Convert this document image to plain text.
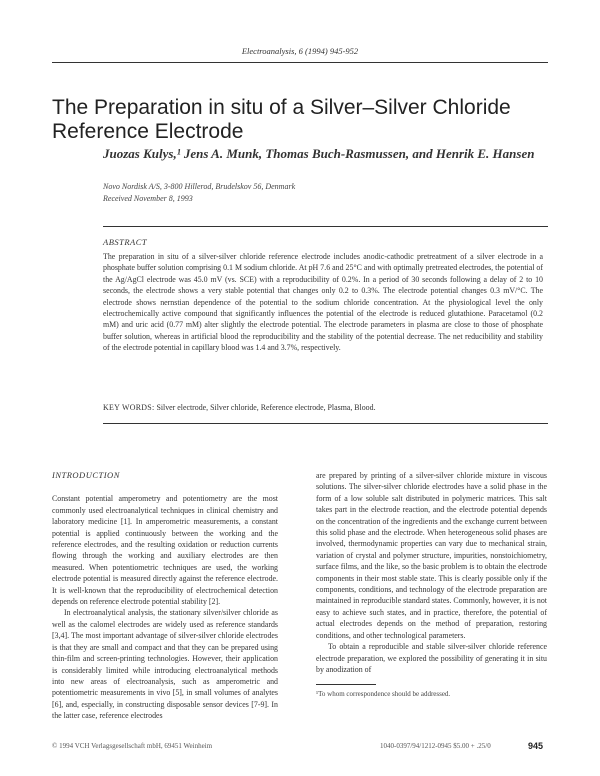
Electroanalysis, 6 (1994) 945-952
The Preparation in situ of a Silver–Silver Chloride Reference Electrode
Juozas Kulys,¹ Jens A. Munk, Thomas Buch-Rasmussen, and Henrik E. Hansen
Novo Nordisk A/S, 3-800 Hillerod, Brudelskov 56, Denmark
Received November 8, 1993
ABSTRACT
The preparation in situ of a silver-silver chloride reference electrode includes anodic-cathodic pretreatment of a silver electrode in a phosphate buffer solution comprising 0.1 M sodium chloride. At pH 7.6 and 25°C and with optimally pretreated electrodes, the potential of the Ag/AgCl electrode was 45.0 mV (vs. SCE) with a reproducibility of 0.2%. In a period of 30 seconds following a delay of 2 to 10 seconds, the electrode shows a very stable potential that changes only 0.2 to 0.3%. The electrode potential changes 0.3 mV/°C. The electrode shows nernstian dependence of the potential to the sodium chloride concentration. At the physiological level the only electrochemically active compound that significantly influences the potential of the electrode is reduced glutathione. Paracetamol (0.2 mM) and uric acid (0.77 mM) alter slightly the electrode potential. The electrode parameters in plasma are close to those of phosphate buffer solution, whereas in artificial blood the reproducibility and the stability of the potential decrease. The net reducibility and stability of the electrode potential in capillary blood was 1.4 and 3.7%, respectively.
KEY WORDS: Silver electrode, Silver chloride, Reference electrode, Plasma, Blood.
INTRODUCTION

Constant potential amperometry and potentiometry are the most commonly used electroanalytical techniques in clinical chemistry and laboratory medicine [1]. In amperometric measurements, a constant potential is applied continuously between the working and the reference electrodes, and the resulting oxidation or reduction currents flowing through the working and auxiliary electrodes are then measured. When potentiometric techniques are used, the working electrode potential is measured directly against the reference electrode. It is well-known that the reproducibility of electrochemical detection depends on reference electrode potential stability [2].

In electroanalytical analysis, the stationary silver/silver chloride as well as the calomel electrodes are widely used as reference standards [3,4]. The most important advantage of silver-silver chloride electrodes is that they are small and compact and that they can be prepared using thin-film and screen-printing technologies. However, their application is considerably limited while introducing electroanalytical methods into new areas of electroanalysis, such as amperometric and potentiometric measurements in vivo [5], in small volumes of analytes [6], and, especially, in constructing disposable sensor devices [7-9]. In the latter case, reference electrodes

are prepared by printing of a silver-silver chloride mixture in viscous solutions. The silver-silver chloride electrodes have a solid phase in the form of a low soluble salt distributed in polymeric matrices. This salt takes part in the electrode reaction, and the electrode potential depends on the concentration of the ingredients and the exchange current between this solid phase and the electrode. When heterogeneous solid phases are involved, thermodynamic properties can vary due to mechanical strain, variation of crystal and polymer structure, impurities, nonstoichiometry, surface films, and the like, so the basic problem is to obtain the electrode components in their most stable state. This is clearly possible only if the components, conditions, and technology of the electrode preparation are maintained in reproducible standard states. Commonly, however, it is not easy to achieve such states, and in practice, therefore, the potential of actual electrodes depends on the method of preparation, restoring conditions, and other technological parameters.

To obtain a reproducible and stable silver-silver chloride reference electrode preparation, we explored the possibility of generating it in situ by anodization of

¹To whom correspondence should be addressed.
© 1994 VCH Verlagsgesellschaft mbH, 69451 Weinheim	1040-0397/94/1212-0945 $5.00 + .25/0	945
